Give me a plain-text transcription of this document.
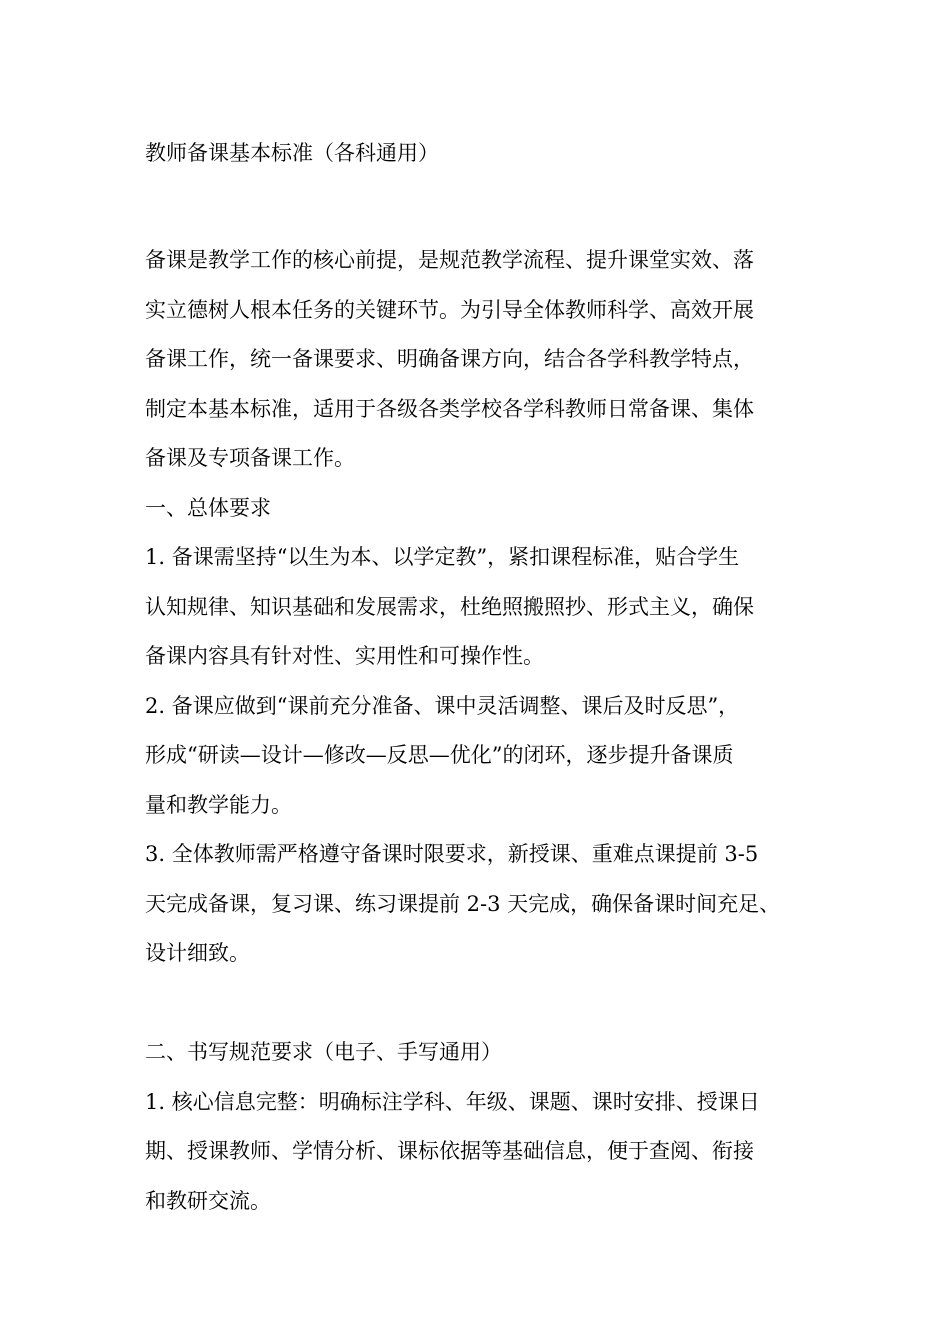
教师备课基本标准（各科通用）

备课是教学工作的核心前提，是规范教学流程、提升课堂实效、落
实立德树人根本任务的关键环节。为引导全体教师科学、高效开展
备课工作，统一备课要求、明确备课方向，结合各学科教学特点，
制定本基本标准，适用于各级各类学校各学科教师日常备课、集体
备课及专项备课工作。

一、总体要求

1. 备课需坚持“以生为本、以学定教”，紧扣课程标准，贴合学生
认知规律、知识基础和发展需求，杜绝照搬照抄、形式主义，确保
备课内容具有针对性、实用性和可操作性。

2. 备课应做到“课前充分准备、课中灵活调整、课后及时反思”，
形成“研读—设计—修改—反思—优化”的闭环，逐步提升备课质
量和教学能力。

3. 全体教师需严格遵守备课时限要求，新授课、重难点课提前 3-5
天完成备课，复习课、练习课提前 2-3 天完成，确保备课时间充足、
设计细致。

二、书写规范要求（电子、手写通用）

1. 核心信息完整：明确标注学科、年级、课题、课时安排、授课日
期、授课教师、学情分析、课标依据等基础信息，便于查阅、衔接
和教研交流。
